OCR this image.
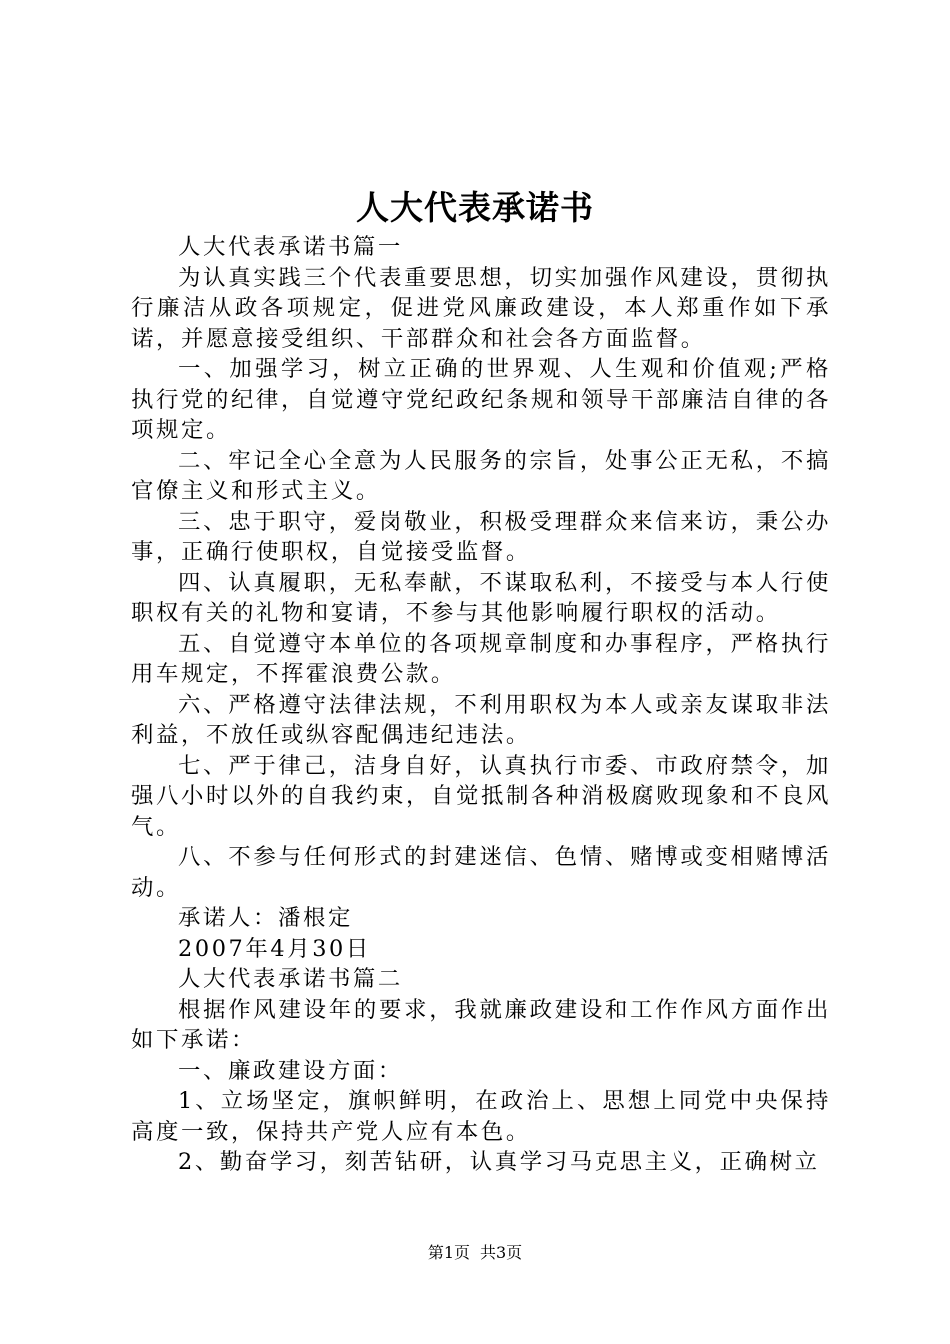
人大代表承诺书

人大代表承诺书篇一

为认真实践三个代表重要思想，切实加强作风建设，贯彻执行廉洁从政各项规定，促进党风廉政建设，本人郑重作如下承诺，并愿意接受组织、干部群众和社会各方面监督。

一、加强学习，树立正确的世界观、人生观和价值观;严格执行党的纪律，自觉遵守党纪政纪条规和领导干部廉洁自律的各项规定。

二、牢记全心全意为人民服务的宗旨，处事公正无私，不搞官僚主义和形式主义。

三、忠于职守，爱岗敬业，积极受理群众来信来访，秉公办事，正确行使职权，自觉接受监督。

四、认真履职，无私奉献，不谋取私利，不接受与本人行使职权有关的礼物和宴请，不参与其他影响履行职权的活动。

五、自觉遵守本单位的各项规章制度和办事程序，严格执行用车规定，不挥霍浪费公款。

六、严格遵守法律法规，不利用职权为本人或亲友谋取非法利益，不放任或纵容配偶违纪违法。

七、严于律己，洁身自好，认真执行市委、市政府禁令，加强八小时以外的自我约束，自觉抵制各种消极腐败现象和不良风气。

八、不参与任何形式的封建迷信、色情、赌博或变相赌博活动。

承诺人：潘根定

2007年4月30日

人大代表承诺书篇二

根据作风建设年的要求，我就廉政建设和工作作风方面作出如下承诺：

一、廉政建设方面：

1、立场坚定，旗帜鲜明，在政治上、思想上同党中央保持高度一致，保持共产党人应有本色。

2、勤奋学习，刻苦钻研，认真学习马克思主义，正确树立

第1页 共3页
